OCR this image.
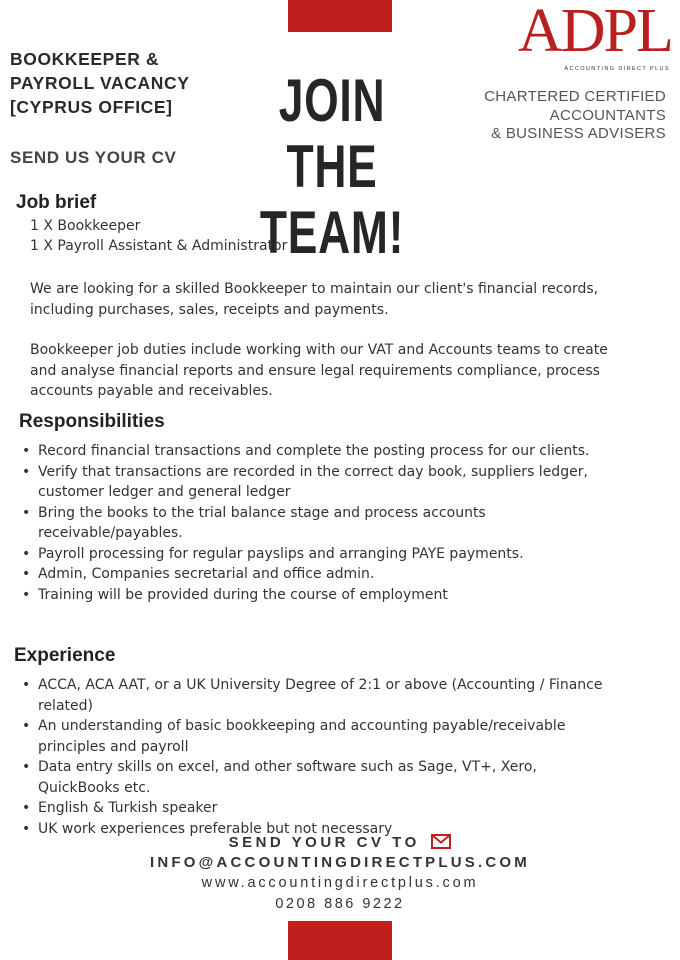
BOOKKEEPER &
PAYROLL VACANCY
[CYPRUS OFFICE]
SEND US YOUR CV
JOIN THE
TEAM!
ADPL
ACCOUNTING DIRECT PLUS
CHARTERED CERTIFIED
ACCOUNTANTS
& BUSINESS ADVISERS
Job brief
1 X Bookkeeper
1 X Payroll Assistant & Administrator
We are looking for a skilled Bookkeeper to maintain our client's financial records, including purchases, sales, receipts and payments.
Bookkeeper job duties include working with our VAT and Accounts teams to create and analyse financial reports and ensure legal requirements compliance, process accounts payable and receivables.
Responsibilities
• Record financial transactions and complete the posting process for our clients.
• Verify that transactions are recorded in the correct day book, suppliers ledger, customer ledger and general ledger
• Bring the books to the trial balance stage and process accounts receivable/payables.
• Payroll processing for regular payslips and arranging PAYE payments.
• Admin, Companies secretarial and office admin.
• Training will be provided during the course of employment
Experience
• ACCA, ACA AAT, or a UK University Degree of 2:1 or above (Accounting / Finance related)
• An understanding of basic bookkeeping and accounting payable/receivable principles and payroll
• Data entry skills on excel, and other software such as Sage, VT+, Xero, QuickBooks etc.
• English & Turkish speaker
• UK work experiences preferable but not necessary
SEND YOUR CV TO
INFO@ACCOUNTINGDIRECTPLUS.COM
www.accountingdirectplus.com
0208 886 9222
